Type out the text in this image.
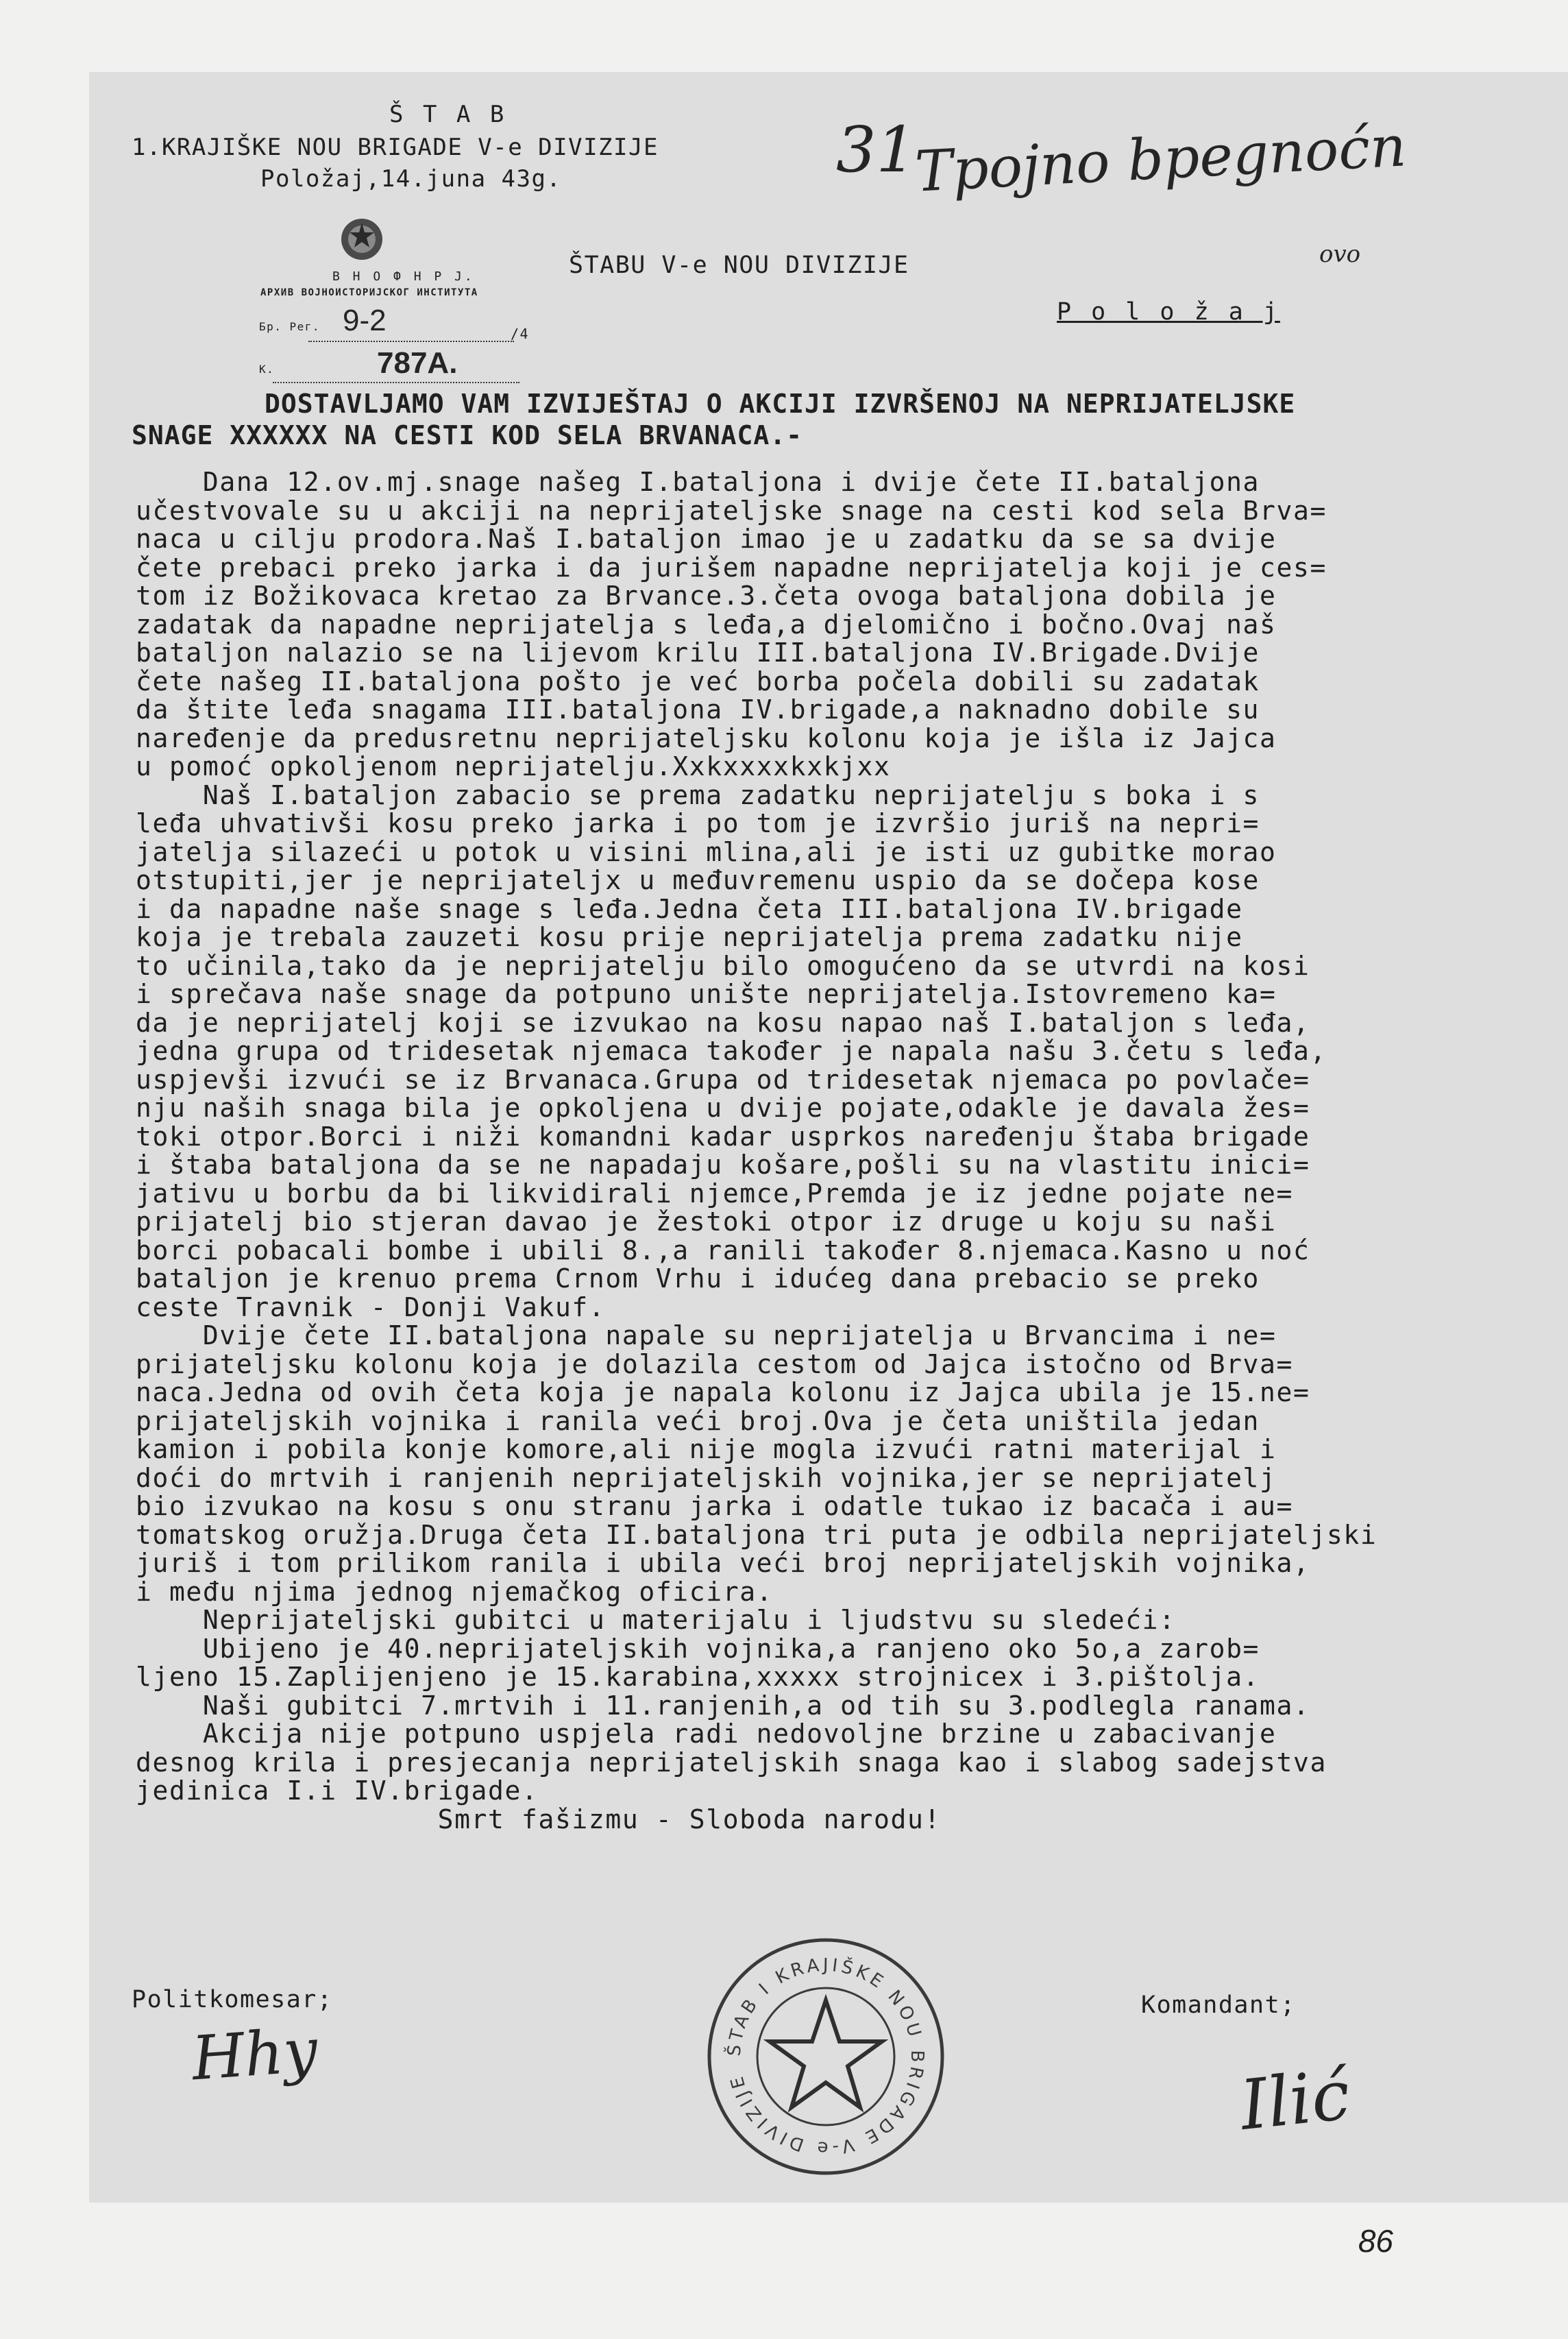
Š T A B
1.KRAJIŠKE NOU BRIGADE V-e DIVIZIJE
Položaj,14.juna 43g.	31
Tpojno bpegnoćn
ovo
В Н О Ф Н Р Ј.
АРХИВ ВОЈНОИСТОРИЈСКОГ ИНСТИТУТА
Бр. Рег. 9-2	/4
К.	787A.
ŠTABU V-e NOU DIVIZIJE
P o l o ž a j
DOSTAVLJAMO VAM IZVIJEŠTAJ O AKCIJI IZVRŠENOJ NA NEPRIJATELJSKE
SNAGE XXXXXX NA CESTI KOD SELA BRVANACA.-
Dana 12.ov.mj.snage našeg I.bataljona i dvije čete II.bataljona
učestvovale su u akciji na neprijateljske snage na cesti kod sela Brva=
naca u cilju prodora.Naš I.bataljon imao je u zadatku da se sa dvije
čete prebaci preko jarka i da jurišem napadne neprijatelja koji je ces=
tom iz Božikovaca kretao za Brvance.3.četa ovoga bataljona dobila je
zadatak da napadne neprijatelja s leđa,a djelomično i bočno.Ovaj naš
bataljon nalazio se na lijevom krilu III.bataljona IV.Brigade.Dvije
čete našeg II.bataljona pošto je već borba počela dobili su zadatak
da štite leđa snagama III.bataljona IV.brigade,a naknadno dobile su
naređenje da predusretnu neprijateljsku kolonu koja je išla iz Jajca
u pomoć opkoljenom neprijatelju.Xxkxxxxkxkjxx
Naš I.bataljon zabacio se prema zadatku neprijatelju s boka i s
leđa uhvativši kosu preko jarka i po tom je izvršio juriš na nepri=
jatelja silazeći u potok u visini mlina,ali je isti uz gubitke morao
otstupiti,jer je neprijateljx u međuvremenu uspio da se dočepa kose
i da napadne naše snage s leđa.Jedna četa III.bataljona IV.brigade
koja je trebala zauzeti kosu prije neprijatelja prema zadatku nije
to učinila,tako da je neprijatelju bilo omogućeno da se utvrdi na kosi
i sprečava naše snage da potpuno unište neprijatelja.Istovremeno ka=
da je neprijatelj koji se izvukao na kosu napao naš I.bataljon s leđa,
jedna grupa od tridesetak njemaca također je napala našu 3.četu s leđa,
uspjevši izvući se iz Brvanaca.Grupa od tridesetak njemaca po povlače=
nju naših snaga bila je opkoljena u dvije pojate,odakle je davala žes=
toki otpor.Borci i niži komandni kadar usprkos naređenju štaba brigade
i štaba bataljona da se ne napadaju košare,pošli su na vlastitu inici=
jativu u borbu da bi likvidirali njemce,Premda je iz jedne pojate ne=
prijatelj bio stjeran davao je žestoki otpor iz druge u koju su naši
borci pobacali bombe i ubili 8.,a ranili također 8.njemaca.Kasno u noć
bataljon je krenuo prema Crnom Vrhu i idućeg dana prebacio se preko
ceste Travnik - Donji Vakuf.
Dvije čete II.bataljona napale su neprijatelja u Brvancima i ne=
prijateljsku kolonu koja je dolazila cestom od Jajca istočno od Brva=
naca.Jedna od ovih četa koja je napala kolonu iz Jajca ubila je 15.ne=
prijateljskih vojnika i ranila veći broj.Ova je četa uništila jedan
kamion i pobila konje komore,ali nije mogla izvući ratni materijal i
doći do mrtvih i ranjenih neprijateljskih vojnika,jer se neprijatelj
bio izvukao na kosu s onu stranu jarka i odatle tukao iz bacača i au=
tomatskog oružja.Druga četa II.bataljona tri puta je odbila neprijateljski
juriš i tom prilikom ranila i ubila veći broj neprijateljskih vojnika,
i među njima jednog njemačkog oficira.
Neprijateljski gubitci u materijalu i ljudstvu su sledeći:
Ubijeno je 40.neprijateljskih vojnika,a ranjeno oko 5o,a zarob=
ljeno 15.Zaplijenjeno je 15.karabina,xxxxx strojnicex i 3.pištolja.
Naši gubitci 7.mrtvih i 11.ranjenih,a od tih su 3.podlegla ranama.
Akcija nije potpuno uspjela radi nedovoljne brzine u zabacivanje
desnog krila i presjecanja neprijateljskih snaga kao i slabog sadejstva
jedinica I.i IV.brigade.
Smrt fašizmu - Sloboda narodu!
Politkomesar;	Komandant;
Hhy
Ilić
ŠTAB I KRAJIŠKE NOU BRIGADE V-e DIVIZIJE
86
